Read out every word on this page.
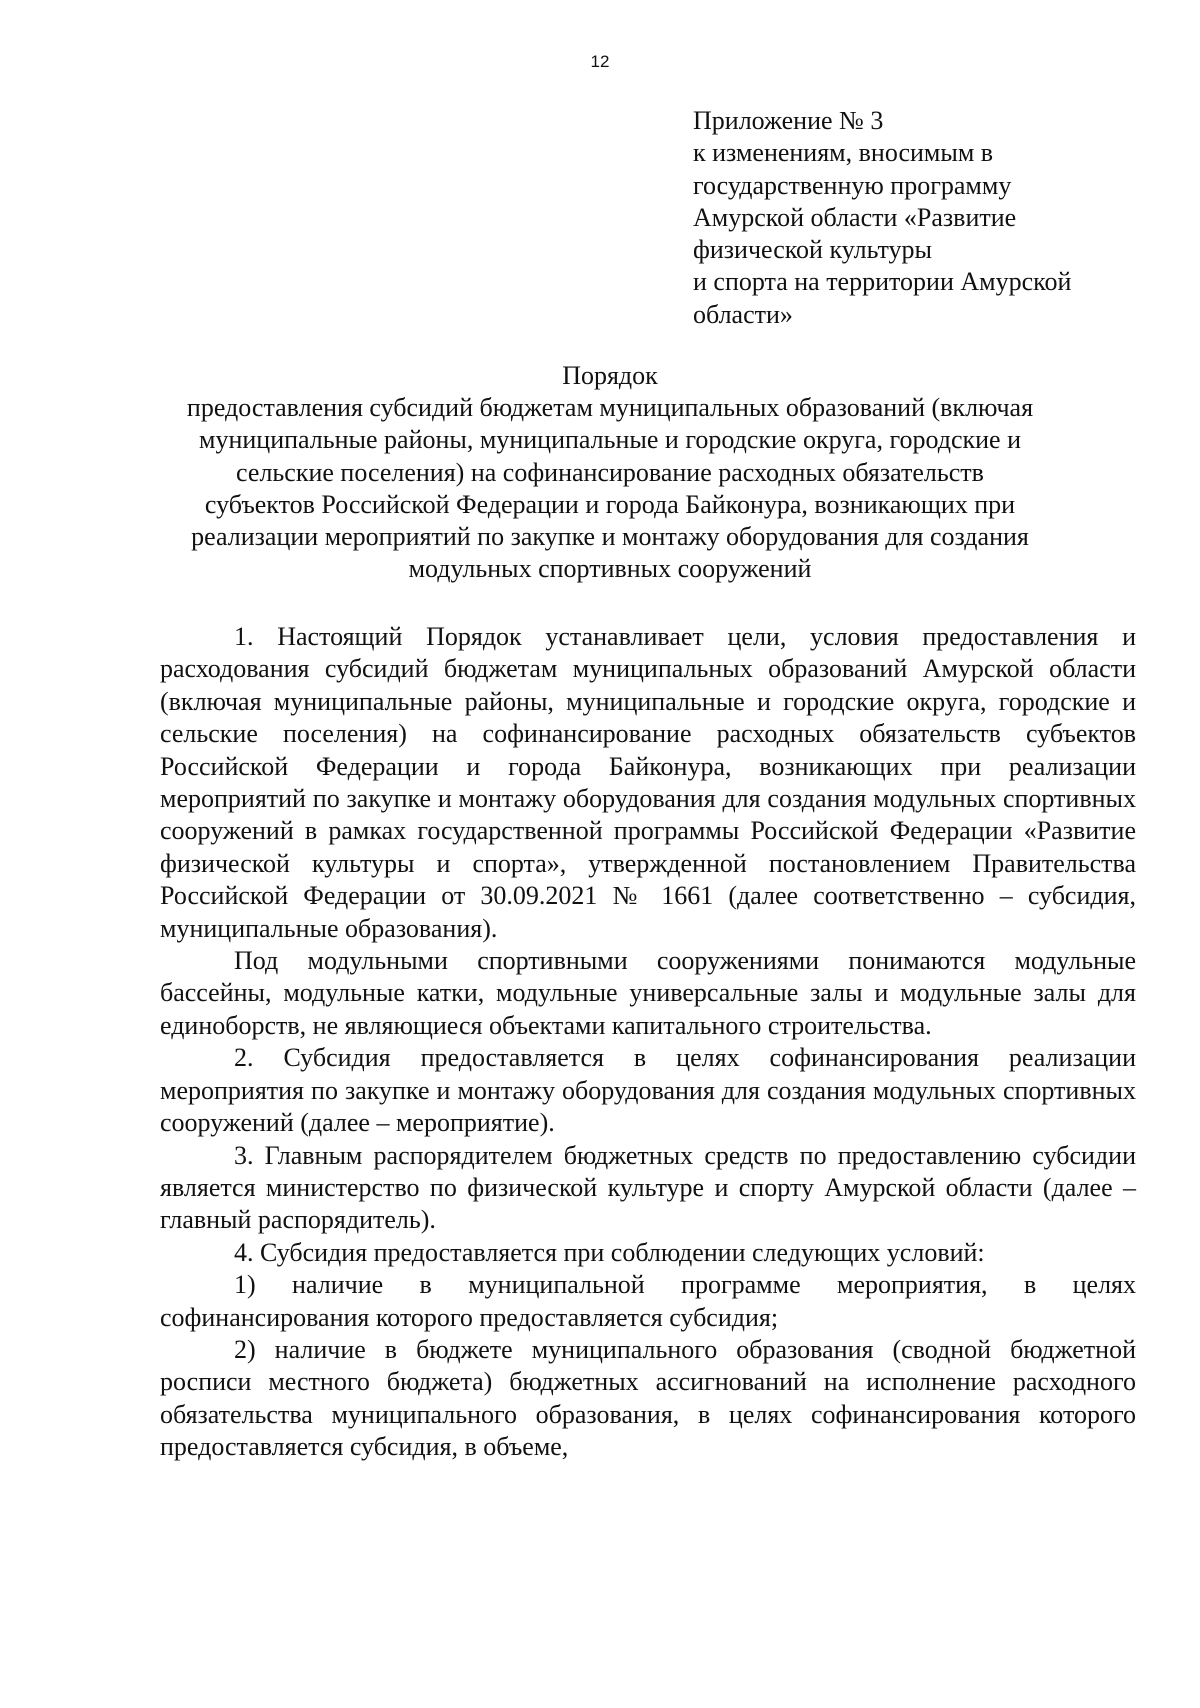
12
Приложение № 3
к изменениям, вносимым в
государственную программу
Амурской области «Развитие
физической культуры
и спорта на территории Амурской
области»
Порядок
предоставления субсидий бюджетам муниципальных образований (включая
муниципальные районы, муниципальные и городские округа, городские и
сельские поселения) на софинансирование расходных обязательств
субъектов Российской Федерации и города Байконура, возникающих при
реализации мероприятий по закупке и монтажу оборудования для создания
модульных спортивных сооружений

1. Настоящий Порядок устанавливает цели, условия предоставления и расходования субсидий бюджетам муниципальных образований Амурской области (включая муниципальные районы, муниципальные и городские округа, городские и сельские поселения) на софинансирование расходных обязательств субъектов Российской Федерации и города Байконура, возникающих при реализации мероприятий по закупке и монтажу оборудования для создания модульных спортивных сооружений в рамках государственной программы Российской Федерации «Развитие физической культуры и спорта», утвержденной постановлением Правительства Российской Федерации от 30.09.2021 № 1661 (далее соответственно – субсидия, муниципальные образования).

Под модульными спортивными сооружениями понимаются модульные бассейны, модульные катки, модульные универсальные залы и модульные залы для единоборств, не являющиеся объектами капитального строительства.

2. Субсидия предоставляется в целях софинансирования реализации мероприятия по закупке и монтажу оборудования для создания модульных спортивных сооружений (далее – мероприятие).

3. Главным распорядителем бюджетных средств по предоставлению субсидии является министерство по физической культуре и спорту Амурской области (далее – главный распорядитель).

4. Субсидия предоставляется при соблюдении следующих условий:

1) наличие в муниципальной программе мероприятия, в целях софинансирования которого предоставляется субсидия;

2) наличие в бюджете муниципального образования (сводной бюджетной росписи местного бюджета) бюджетных ассигнований на исполнение расходного обязательства муниципального образования, в целях софинансирования которого предоставляется субсидия, в объеме,
